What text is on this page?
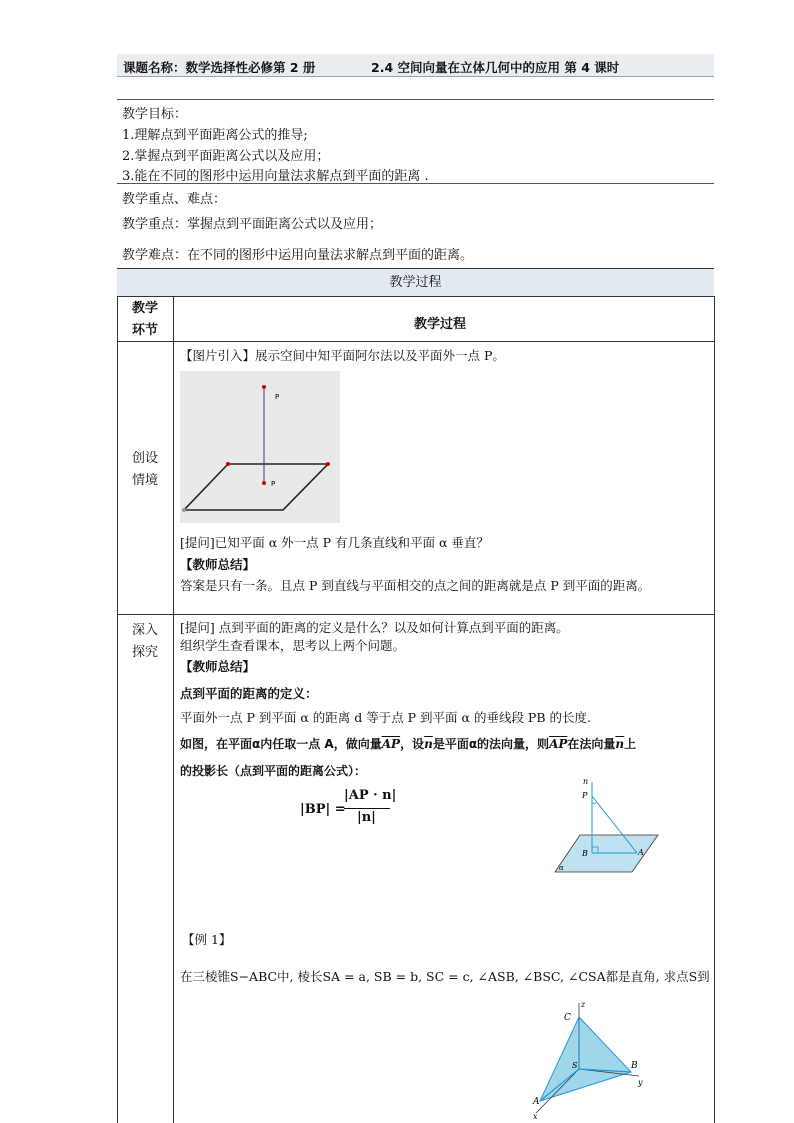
课题名称：数学选择性必修第 2 册	2.4 空间向量在立体几何中的应用 第 4 课时
教学目标：
1.理解点到平面距离公式的推导;
2.掌握点到平面距离公式以及应用；
3.能在不同的图形中运用向量法求解点到平面的距离 .
教学重点、难点：
教学重点：掌握点到平面距离公式以及应用；
教学难点：在不同的图形中运用向量法求解点到平面的距离。
教学过程
教学
环节	教学过程
创设
情境
【图片引入】展示空间中知平面阿尔法以及平面外一点 P。
P
P
[提问]已知平面 α 外一点 P 有几条直线和平面 α 垂直？
【教师总结】
答案是只有一条。且点 P 到直线与平面相交的点之间的距离就是点 P 到平面的距离。
深入
探究
[提问] 点到平面的距离的定义是什么？以及如何计算点到平面的距离。
组织学生查看课本，思考以上两个问题。
【教师总结】
点到平面的距离的定义：
平面外一点 P 到平面 α 的距离 d 等于点 P 到平面 α 的垂线段 PB 的长度.
如图，在平面α内任取一点 A，做向量$\overline{AP}$，设$\overline{n}$是平面α的法向量，则$\overline{AP}$在法向量$\overline{n}$上
的投影长（点到平面的距离公式）：
|BP| =
|AP · n|
|n|
n
P
B	A
α
【例 1】
在三棱锥S−ABC中, 棱长SA = a, SB = b, SC = c, ∠ASB, ∠BSC, ∠CSA都是直角, 求点S到
z
C
S	B
y
A
x
